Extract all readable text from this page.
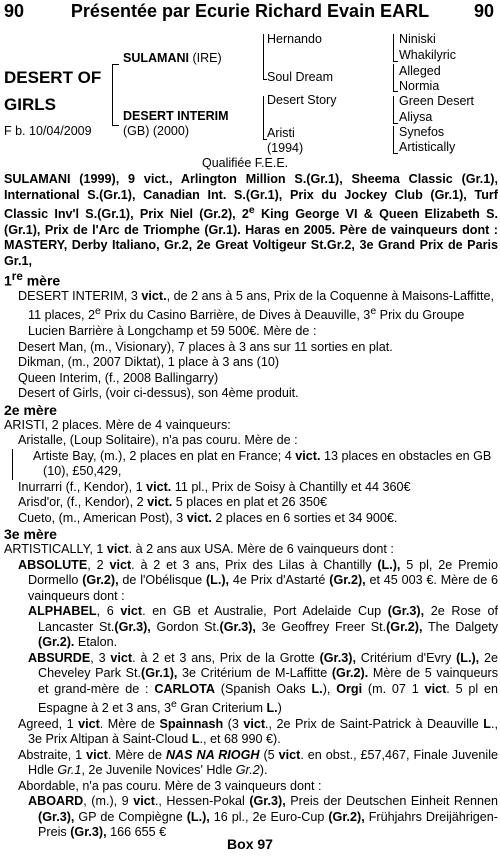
90	Présentée par Ecurie Richard Evain EARL	90
DESERT OF
GIRLS
F b. 10/04/2009
SULAMANI (IRE)
DESERT INTERIM
(GB) (2000)
Hernando
Soul Dream
Desert Story
Aristi
(1994)
Niniski
Whakilyric
Alleged
Normia
Green Desert
Aliysa
Synefos
Artistically
Qualifiée F.E.E.

SULAMANI (1999), 9 vict., Arlington Million S.(Gr.1), Sheema Classic (Gr.1), International S.(Gr.1), Canadian Int. S.(Gr.1), Prix du Jockey Club (Gr.1), Turf Classic Inv'l S.(Gr.1), Prix Niel (Gr.2), 2e King George VI & Queen Elizabeth S.(Gr.1), Prix de l'Arc de Triomphe (Gr.1). Haras en 2005. Père de vainqueurs dont : MASTERY, Derby Italiano, Gr.2, 2e Great Voltigeur St.Gr.2, 3e Grand Prix de Paris Gr.1,

1re mère

DESERT INTERIM, 3 vict., de 2 ans à 5 ans, Prix de la Coquenne à Maisons-Laffitte, 11 places, 2e Prix du Casino Barrière, de Dives à Deauville, 3e Prix du Groupe Lucien Barrière à Longchamp et 59 500€. Mère de :

Desert Man, (m., Visionary), 7 places à 3 ans sur 11 sorties en plat.

Dikman, (m., 2007 Diktat), 1 place à 3 ans (10)

Queen Interim, (f., 2008 Ballingarry)

Desert of Girls, (voir ci-dessus), son 4ème produit.

2e mère

ARISTI, 2 places. Mère de 4 vainqueurs:

Aristalle, (Loup Solitaire), n'a pas couru. Mère de :

Artiste Bay, (m.), 2 places en plat en France; 4 vict. 13 places en obstacles en GB (10), £50,429,

Inurrarri (f., Kendor), 1 vict. 11 pl., Prix de Soisy à Chantilly et 44 360€

Arisd'or, (f., Kendor), 2 vict. 5 places en plat et 26 350€

Cueto, (m., American Post), 3 vict. 2 places en 6 sorties et 34 900€.

3e mère

ARTISTICALLY, 1 vict. à 2 ans aux USA. Mère de 6 vainqueurs dont :

ABSOLUTE, 2 vict. à 2 et 3 ans, Prix des Lilas à Chantilly (L.), 5 pl, 2e Premio Dormello (Gr.2), de l'Obélisque (L.), 4e Prix d'Astarté (Gr.2), et 45 003 €. Mère de 6 vainqueurs dont :

ALPHABEL, 6 vict. en GB et Australie, Port Adelaide Cup (Gr.3), 2e Rose of Lancaster St.(Gr.3), Gordon St.(Gr.3), 3e Geoffrey Freer St.(Gr.2), The Dalgety (Gr.2). Etalon.

ABSURDE, 3 vict. à 2 et 3 ans, Prix de la Grotte (Gr.3), Critérium d'Evry (L.), 2e Cheveley Park St.(Gr.1), 3e Critérium de M-Laffitte (Gr.2). Mère de 5 vainqueurs et grand-mère de : CARLOTA (Spanish Oaks L.), Orgi (m. 07 1 vict. 5 pl en Espagne à 2 et 3 ans, 3e Gran Criterium L.)

Agreed, 1 vict. Mère de Spainnash (3 vict., 2e Prix de Saint-Patrick à Deauville L., 3e Prix Altipan à Saint-Cloud L., et 68 990 €).

Abstraite, 1 vict. Mère de NAS NA RIOGH (5 vict. en obst., £57,467, Finale Juvenile Hdle Gr.1, 2e Juvenile Novices' Hdle Gr.2).

Abordable, n'a pas couru. Mère de 3 vainqueurs dont :

ABOARD, (m.), 9 vict., Hessen-Pokal (Gr.3), Preis der Deutschen Einheit Rennen (Gr.3), GP de Compiègne (L.), 16 pl., 2e Euro-Cup (Gr.2), Frühjahrs Dreijährigen-Preis (Gr.3), 166 655 €

Box 97
